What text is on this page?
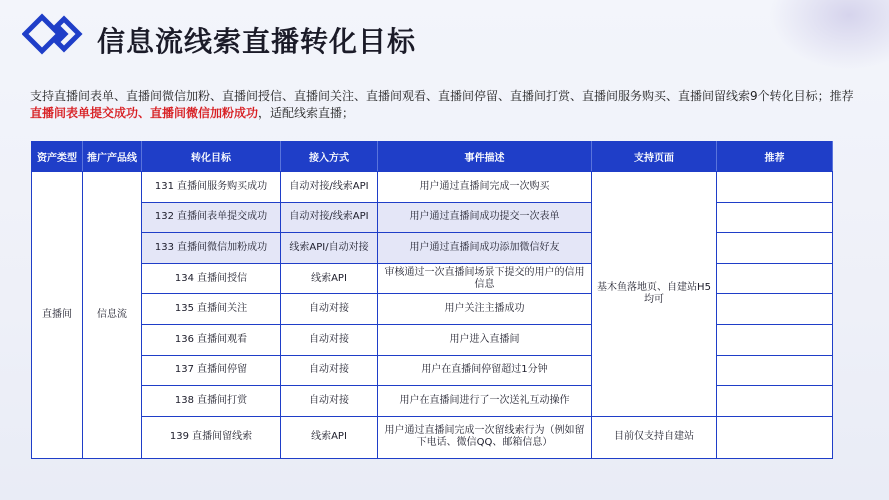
信息流线索直播转化目标
支持直播间表单、直播间微信加粉、直播间授信、直播间关注、直播间观看、直播间停留、直播间打赏、直播间服务购买、直播间留线索9个转化目标；推荐直播间表单提交成功、直播间微信加粉成功，适配线索直播；
资产类型	推广产品线	转化目标	接入方式	事件描述	支持页面	推荐
直播间	信息流	131 直播间服务购买成功	自动对接/线索API	用户通过直播间完成一次购买	基木鱼落地页、自建站H5均可	
		132 直播间表单提交成功	自动对接/线索API	用户通过直播间成功提交一次表单		
		133 直播间微信加粉成功	线索API/自动对接	用户通过直播间成功添加微信好友		
		134 直播间授信	线索API	审核通过一次直播间场景下提交的用户的信用信息		
		135 直播间关注	自动对接	用户关注主播成功		
		136 直播间观看	自动对接	用户进入直播间		
		137 直播间停留	自动对接	用户在直播间停留超过1分钟		
		138 直播间打赏	自动对接	用户在直播间进行了一次送礼互动操作		
		139 直播间留线索	线索API	用户通过直播间完成一次留线索行为（例如留下电话、微信QQ、邮箱信息）	目前仅支持自建站	
